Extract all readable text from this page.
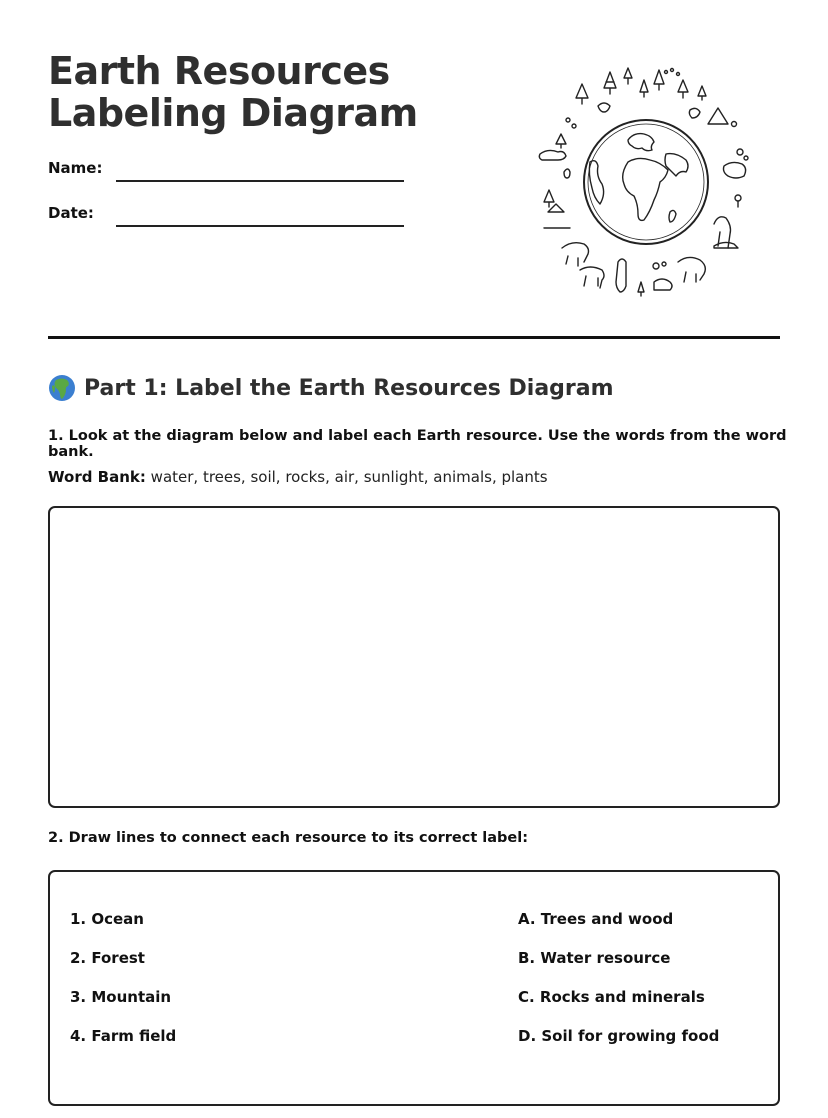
Earth Resources
Labeling Diagram
Name:
Date:
Part 1: Label the Earth Resources Diagram
1. Look at the diagram below and label each Earth resource. Use the words from the word bank.
Word Bank: water, trees, soil, rocks, air, sunlight, animals, plants
2. Draw lines to connect each resource to its correct label:
1. Ocean
2. Forest
3. Mountain
4. Farm field
A. Trees and wood
B. Water resource
C. Rocks and minerals
D. Soil for growing food
